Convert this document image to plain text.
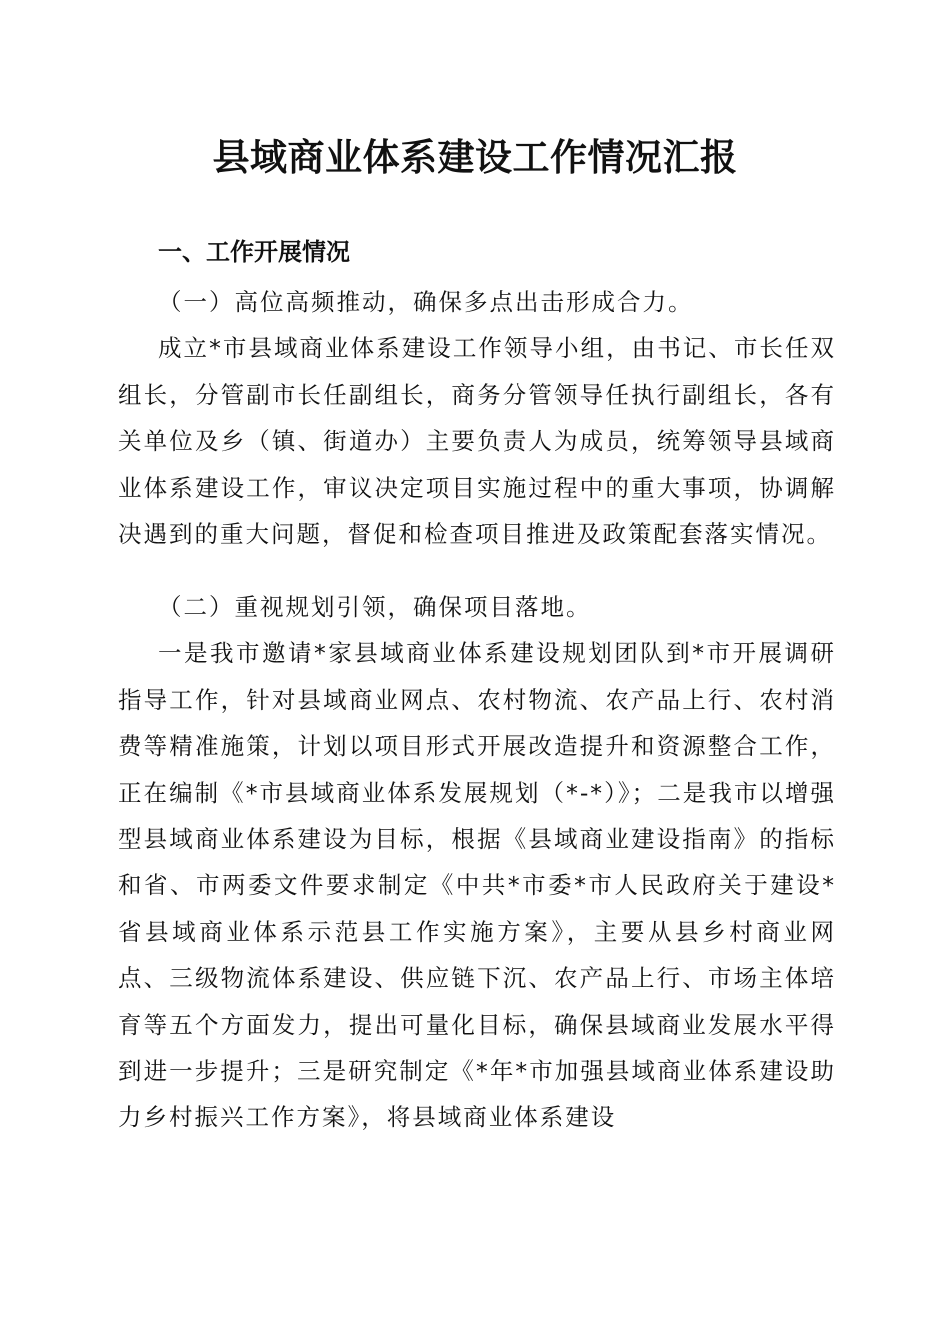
县域商业体系建设工作情况汇报
一、工作开展情况

（一）高位高频推动，确保多点出击形成合力。

成立*市县域商业体系建设工作领导小组，由书记、市长任双组长，分管副市长任副组长，商务分管领导任执行副组长，各有关单位及乡（镇、街道办）主要负责人为成员，统筹领导县域商业体系建设工作，审议决定项目实施过程中的重大事项，协调解决遇到的重大问题，督促和检查项目推进及政策配套落实情况。

（二）重视规划引领，确保项目落地。

一是我市邀请*家县域商业体系建设规划团队到*市开展调研指导工作，针对县域商业网点、农村物流、农产品上行、农村消费等精准施策，计划以项目形式开展改造提升和资源整合工作，正在编制《*市县域商业体系发展规划（*-*）》；二是我市以增强型县域商业体系建设为目标，根据《县域商业建设指南》的指标和省、市两委文件要求制定《中共*市委*市人民政府关于建设*省县域商业体系示范县工作实施方案》，主要从县乡村商业网点、三级物流体系建设、供应链下沉、农产品上行、市场主体培育等五个方面发力，提出可量化目标，确保县域商业发展水平得到进一步提升；三是研究制定《*年*市加强县域商业体系建设助力乡村振兴工作方案》，将县域商业体系建设
